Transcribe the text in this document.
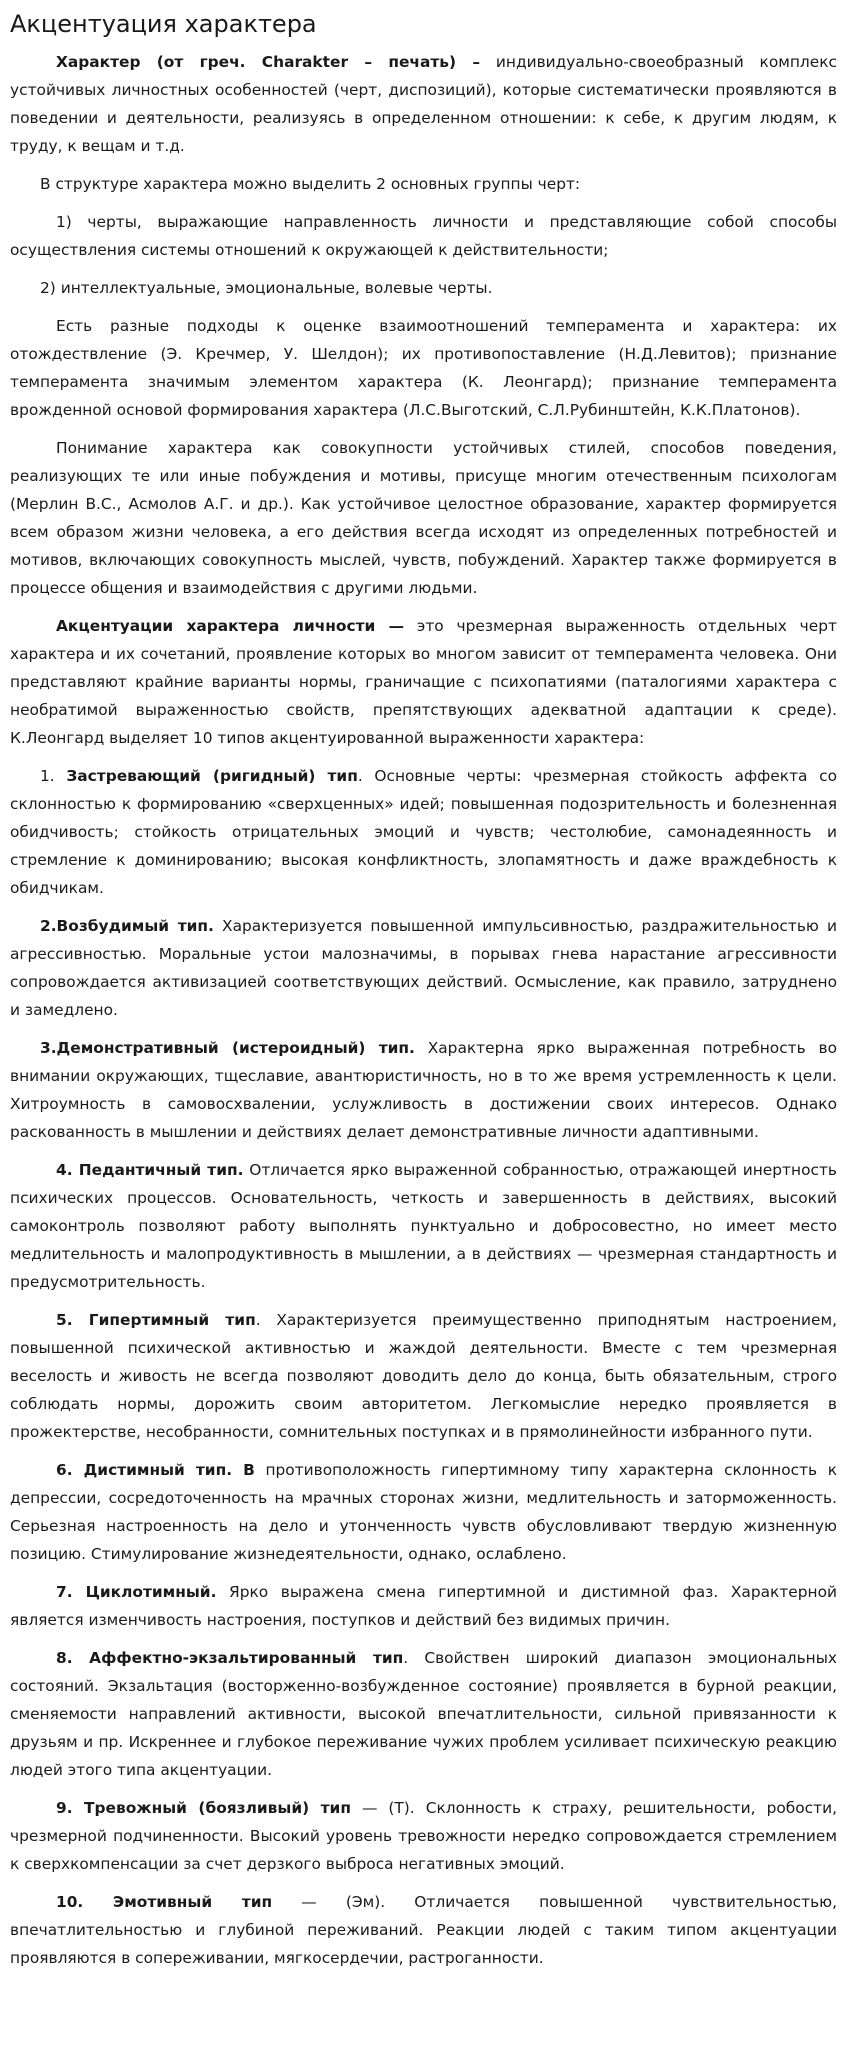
Акцентуация характера

Характер (от греч. Charakter – печать) – индивидуально-своеобразный комплекс устойчивых личностных особенностей (черт, диспозиций), которые систематически проявляются в поведении и деятельности, реализуясь в определенном отношении: к себе, к другим людям, к труду, к вещам и т.д.

В структуре характера можно выделить 2 основных группы черт:

1) черты, выражающие направленность личности и представляющие собой способы осуществления системы отношений к окружающей к действительности;

2) интеллектуальные, эмоциональные, волевые черты.

Есть разные подходы к оценке взаимоотношений темперамента и характера: их отождествление (Э. Кречмер, У. Шелдон); их противопоставление (Н.Д.Левитов); признание темперамента значимым элементом характера (К. Леонгард); признание темперамента врожденной основой формирования характера (Л.С.Выготский, С.Л.Рубинштейн, К.К.Платонов).

Понимание характера как совокупности устойчивых стилей, способов поведения, реализующих те или иные побуждения и мотивы, присуще многим отечественным психологам (Мерлин В.С., Асмолов А.Г. и др.). Как устойчивое целостное образование, характер формируется всем образом жизни человека, а его действия всегда исходят из определенных потребностей и мотивов, включающих совокупность мыслей, чувств, побуждений. Характер также формируется в процессе общения и взаимодействия с другими людьми.

Акцентуации характера личности — это чрезмерная выраженность отдельных черт характера и их сочетаний, проявление которых во многом зависит от темперамента человека. Они представляют крайние варианты нормы, граничащие с психопатиями (паталогиями характера с необратимой выраженностью свойств, препятствующих адекватной адаптации к среде). К.Леонгард выделяет 10 типов акцентуированной выраженности характера:

1. Застревающий (ригидный) тип. Основные черты: чрезмерная стойкость аффекта со склонностью к формированию «сверхценных» идей; повышенная подозрительность и болезненная обидчивость; стойкость отрицательных эмоций и чувств; честолюбие, самонадеянность и стремление к доминированию; высокая конфликтность, злопамятность и даже враждебность к обидчикам.

2.Возбудимый тип. Характеризуется повышенной импульсивностью, раздражительностью и агрессивностью. Моральные устои малозначимы, в порывах гнева нарастание агрессивности сопровождается активизацией соответствующих действий. Осмысление, как правило, затруднено и замедлено.

3.Демонстративный (истероидный) тип. Характерна ярко выраженная потребность во внимании окружающих, тщеславие, авантюристичность, но в то же время устремленность к цели. Хитроумность в самовосхвалении, услужливость в достижении своих интересов. Однако раскованность в мышлении и действиях делает демонстративные личности адаптивными.

4. Педантичный тип. Отличается ярко выраженной собранностью, отражающей инертность психических процессов. Основательность, четкость и завершенность в действиях, высокий самоконтроль позволяют работу выполнять пунктуально и добросовестно, но имеет место медлительность и малопродуктивность в мышлении, а в действиях — чрезмерная стандартность и предусмотрительность.

5. Гипертимный тип. Характеризуется преимущественно приподнятым настроением, повышенной психической активностью и жаждой деятельности. Вместе с тем чрезмерная веселость и живость не всегда позволяют доводить дело до конца, быть обязательным, строго соблюдать нормы, дорожить своим авторитетом. Легкомыслие нередко проявляется в прожектерстве, несобранности, сомнительных поступках и в прямолинейности избранного пути.

6. Дистимный тип. В противоположность гипертимному типу характерна склонность к депрессии, сосредоточенность на мрачных сторонах жизни, медлительность и заторможенность. Серьезная настроенность на дело и утонченность чувств обусловливают твердую жизненную позицию. Стимулирование жизнедеятельности, однако, ослаблено.

7. Циклотимный. Ярко выражена смена гипертимной и дистимной фаз. Характерной является изменчивость настроения, поступков и действий без видимых причин.

8. Аффектно-экзальтированный тип. Свойствен широкий диапазон эмоциональных состояний. Экзальтация (восторженно-возбужденное состояние) проявляется в бурной реакции, сменяемости направлений активности, высокой впечатлительности, сильной привязанности к друзьям и пр. Искреннее и глубокое переживание чужих проблем усиливает психическую реакцию людей этого типа акцентуации.

9. Тревожный (боязливый) тип — (Т). Склонность к страху, решительности, робости, чрезмерной подчиненности. Высокий уровень тревожности нередко сопровождается стремлением к сверхкомпенсации за счет дерзкого выброса негативных эмоций.

10. Эмотивный тип — (Эм). Отличается повышенной чувствительностью, впечатлительностью и глубиной переживаний. Реакции людей с таким типом акцентуации проявляются в сопереживании, мягкосердечии, растроганности.
